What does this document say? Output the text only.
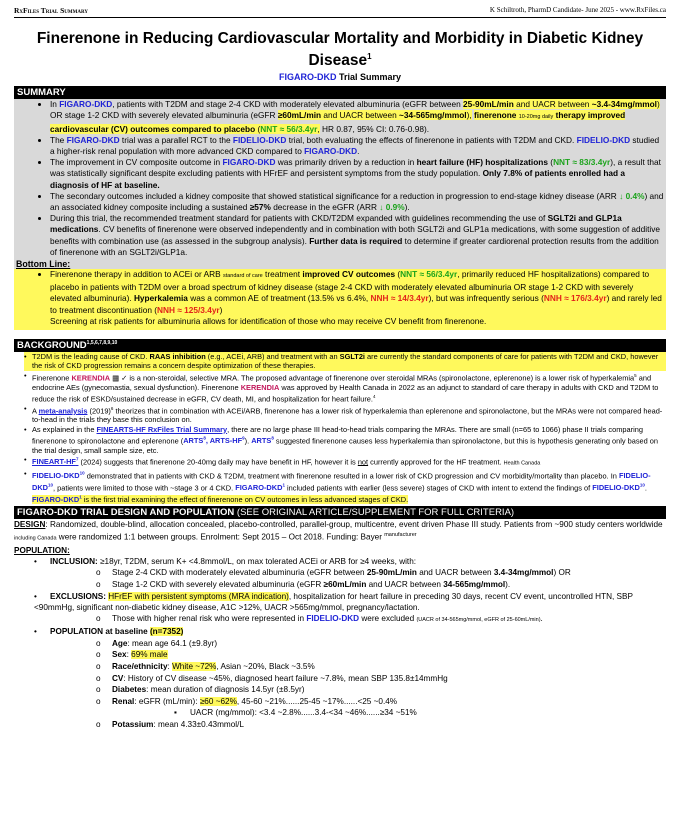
RxFiles Trial Summary	K Schiltroth, PharmD Candidate- June 2025 - www.RxFiles.ca
Finerenone in Reducing Cardiovascular Mortality and Morbidity in Diabetic Kidney Disease$^1$
FIGARO-DKD Trial Summary
SUMMARY
• In FIGARO-DKD, patients with T2DM and stage 2-4 CKD with moderately elevated albuminuria (eGFR between 25-90mL/min and UACR between ~3.4-34mg/mmol) OR stage 1-2 CKD with severely elevated albuminuria (eGFR ≥60mL/min and UACR between ~34-565mg/mmol), finerenone 10-20mg daily therapy improved cardiovascular (CV) outcomes compared to placebo (NNT ≈ 56/3.4yr, HR 0.87, 95% CI: 0.76-0.98).
• The FIGARO-DKD trial was a parallel RCT to the FIDELIO-DKD trial, both evaluating the effects of finerenone in patients with T2DM and CKD. FIDELIO-DKD studied a higher-risk renal population with more advanced CKD compared to FIGARO-DKD.
• The improvement in CV composite outcome in FIGARO-DKD was primarily driven by a reduction in heart failure (HF) hospitalizations (NNT ≈ 83/3.4yr), a result that was statistically significant despite excluding patients with HFrEF and persistent symptoms from the study population. Only 7.8% of patients enrolled had a diagnosis of HF at baseline.
• The secondary outcomes included a kidney composite that showed statistical significance for a reduction in progression to end-stage kidney disease (ARR ↓ 0.4%) and an associated kidney composite including a sustained ≥57% decrease in the eGFR (ARR ↓ 0.9%).
• During this trial, the recommended treatment standard for patients with CKD/T2DM expanded with guidelines recommending the use of SGLT2i and GLP1a medications. CV benefits of finerenone were observed independently and in combination with both SGLT2i and GLP1a medications, with some suggestion of additive benefits with combination use (as assessed in the subgroup analysis). Further data is required to determine if greater cardiorenal protection results from the addition of finerenone with an SGLT2i/GLP1a.
Bottom Line:
• Finerenone therapy in addition to ACEi or ARB standard of care treatment improved CV outcomes (NNT ≈ 56/3.4yr, primarily reduced HF hospitalizations) compared to placebo in patients with T2DM over a broad spectrum of kidney disease (stage 2-4 CKD with moderately elevated albuminuria OR stage 1-2 CKD with severely elevated albuminuria). Hyperkalemia was a common AE of treatment (13.5% vs 6.4%, NNH ≈ 14/3.4yr), but was infrequently serious (NNH ≈ 176/3.4yr) and rarely led to treatment discontinuation (NNH ≈ 125/3.4yr)
Screening at risk patients for albuminuria allows for identification of those who may receive CV benefit from finerenone.
BACKGROUND$^{1,5,6,7,8,9,10}$
• T2DM is the leading cause of CKD. RAAS inhibition (e.g., ACEi, ARB) and treatment with an SGLT2i are currently the standard components of care for patients with T2DM and CKD, however the risk of CKD progression remains a concern despite optimization of these therapies.
• Finerenone KERENDIA ▦ ✓ is a non-steroidal, selective MRA. The proposed advantage of finerenone over steroidal MRAs (spironolactone, eplerenone) is a lower risk of hyperkalemia$^5$ and endocrine AEs (gynecomastia, sexual dysfunction). Finerenone KERENDIA was approved by Health Canada in 2022 as an adjunct to standard of care therapy in adults with CKD and T2DM to reduce the risk of ESKD/sustained decrease in eGFR, CV death, MI, and hospitalization for heart failure.$^4$
• A meta-analysis $(2019)^6$ theorizes that in combination with ACEi/ARB, finerenone has a lower risk of hyperkalemia than eplerenone and spironolactone, but the MRAs were not compared head-to-head in the trials they base this conclusion on.
• As explained in the FINEARTS-HF RxFiles Trial Summary, there are no large phase III head-to-head trials comparing the MRAs. There are small (n=65 to 1066) phase II trials comparing finerenone to spironolactone and eplerenone (ARTS$^8$, ARTS-$HF^9$). ARTS$^8$ suggested finerenone causes less hyperkalemia than spironolactone, but this is hypothesis generating only based on the trial design, small sample size, etc.
• FINEART-$HF^7$ (2024) suggests that finerenone 20-40mg daily may have benefit in HF, however it is not currently approved for the HF treatment. Health Canada
• FIDELIO-DKD$^{10}$ demonstrated that in patients with CKD & T2DM, treatment with finerenone resulted in a lower risk of CKD progression and CV morbidity/mortality than placebo. In FIDELIO-DKD$^{10}$, patients were limited to those with ~stage 3 or 4 CKD. FIGARO-DKD$^1$ included patients with earlier (less severe) stages of CKD with intent to extend the findings of FIDELIO-DKD$^{10}$. FIGARO-DKD$^1$ is the first trial examining the effect of finerenone on CV outcomes in less advanced stages of CKD.
FIGARO-DKD TRIAL DESIGN AND POPULATION (SEE ORIGINAL ARTICLE/SUPPLEMENT FOR FULL CRITERIA)
DESIGN: Randomized, double-blind, allocation concealed, placebo-controlled, parallel-group, multicentre, event driven Phase III study. Patients from ~900 study centers worldwide including Canada were randomized 1:1 between groups. Enrolment: Sept 2015 – Oct 2018. Funding: Bayer $^{manufacturer}$
POPULATION:
• INCLUSION: ≥18yr, T2DM, serum K+ <4.8mmol/L, on max tolerated ACEi or ARB for ≥4 weeks, with:
o Stage 2-4 CKD with moderately elevated albuminuria (eGFR between 25-90mL/min and UACR between 3.4-34mg/mmol) OR
o Stage 1-2 CKD with severely elevated albuminuria (eGFR ≥60mL/min and UACR between 34-565mg/mmol).
• EXCLUSIONS: HFrEF with persistent symptoms (MRA indication), hospitalization for heart failure in preceding 30 days, recent CV event, uncontrolled HTN, SBP <90mmHg, significant non-diabetic kidney disease, A1C >12%, UACR >565mg/mmol, pregnancy/lactation.
o Those with higher renal risk who were represented in FIDELIO-DKD were excluded (UACR of 34-565mg/mmol, eGFR of 25-60mL/min).
• POPULATION at baseline (n=7352)
o Age: mean age 64.1 (±9.8yr)
o Sex: 69% male
o Race/ethnicity: White ~72%, Asian ~20%, Black ~3.5%
o CV: History of CV disease ~45%, diagnosed heart failure ~7.8%, mean SBP 135.8±14mmHg
o Diabetes: mean duration of diagnosis 14.5yr (±8.5yr)
o Renal: eGFR (mL/min): ≥60 ~62%, 45-60 ~21%......25-45 ~17%......<25 ~0.4%
▪ UACR (mg/mmol): <3.4 ~2.8%......3.4-<34 ~46%......≥34 ~51%
o Potassium: mean 4.33±0.43mmol/L
